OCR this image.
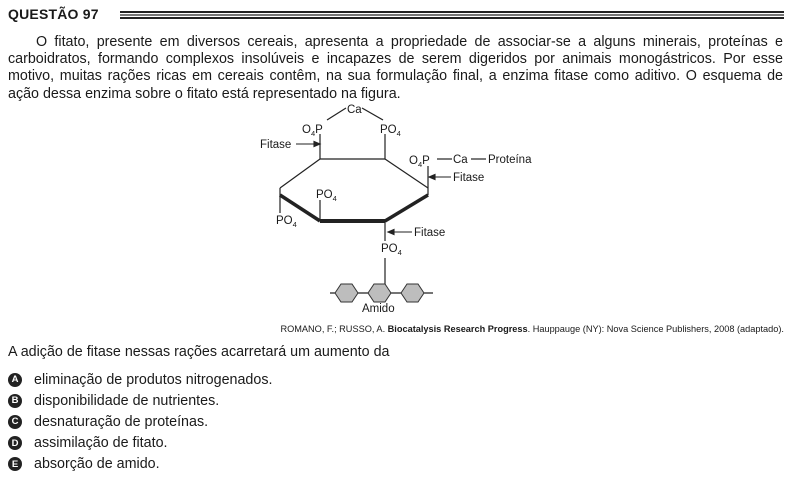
QUESTÃO 97

O fitato, presente em diversos cereais, apresenta a propriedade de associar-se a alguns minerais, proteínas e carboidratos, formando complexos insolúveis e incapazes de serem digeridos por animais monogástricos. Por esse motivo, muitas rações ricas em cereais contêm, na sua formulação final, a enzima fitase como aditivo. O esquema de ação dessa enzima sobre o fitato está representado na figura.

Ca
$O_4P$	$PO_4$
Fitase
$O_4P$ Ca Proteína
Fitase
$PO_4$
$PO_4$
Fitase
$PO_4$
Amido
ROMANO, F.; RUSSO, A. Biocatalysis Research Progress. Hauppauge (NY): Nova Science Publishers, 2008 (adaptado).
A adição de fitase nessas rações acarretará um aumento da
A eliminação de produtos nitrogenados.
B disponibilidade de nutrientes.
C desnaturação de proteínas.
D assimilação de fitato.
E absorção de amido.
